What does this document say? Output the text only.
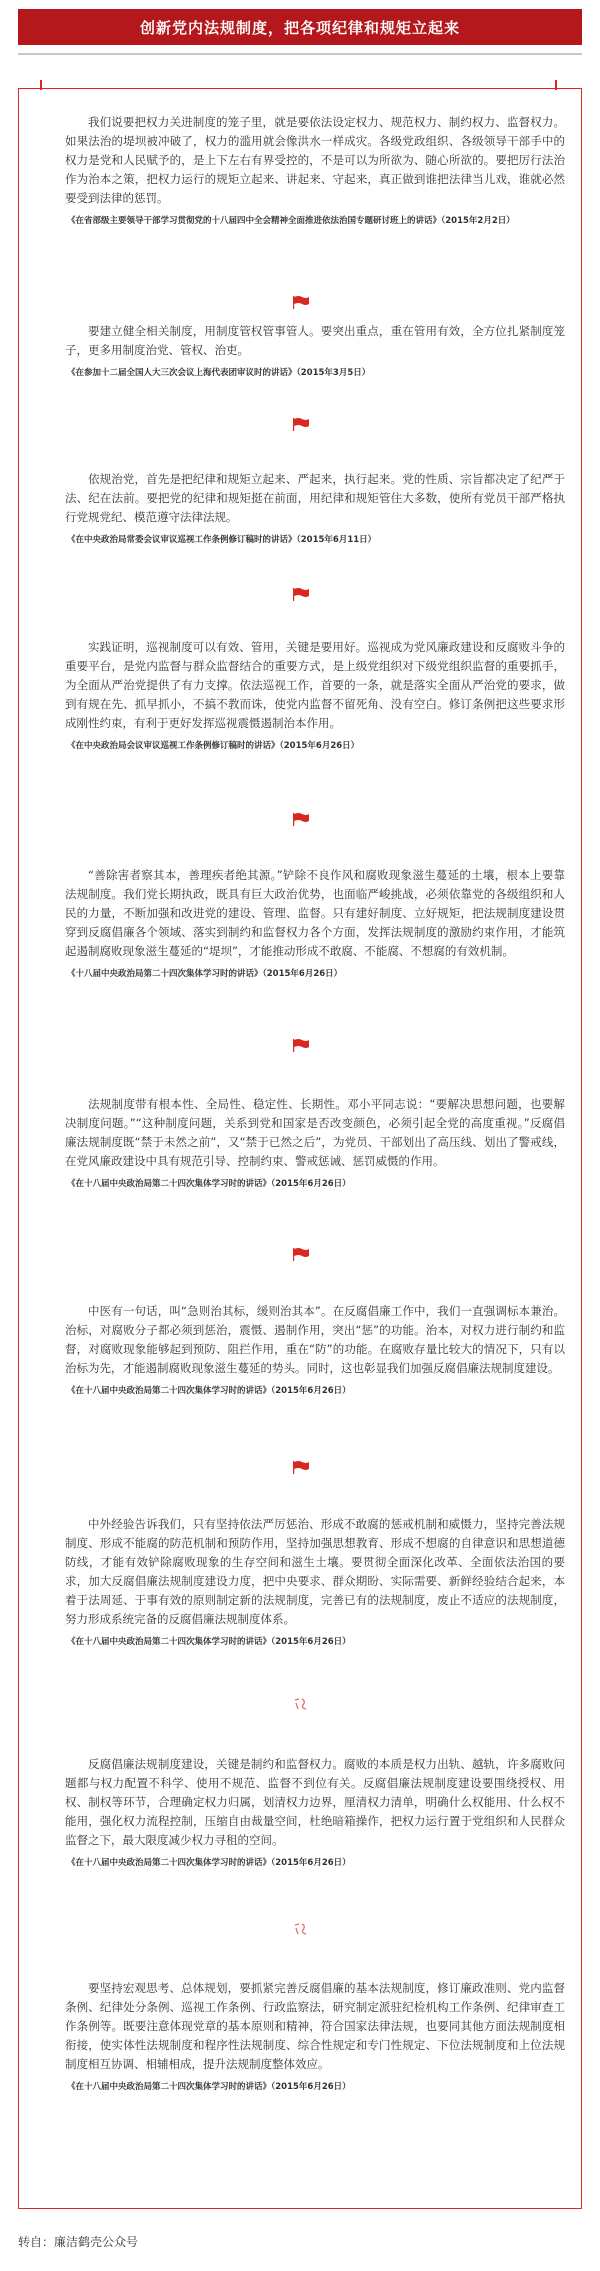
创新党内法规制度，把各项纪律和规矩立起来

我们说要把权力关进制度的笼子里，就是要依法设定权力、规范权力、制约权力、监督权力。如果法治的堤坝被冲破了，权力的滥用就会像洪水一样成灾。各级党政组织、各级领导干部手中的权力是党和人民赋予的，是上下左右有界受控的，不是可以为所欲为、随心所欲的。要把厉行法治作为治本之策，把权力运行的规矩立起来、讲起来、守起来，真正做到谁把法律当儿戏，谁就必然要受到法律的惩罚。

《在省部级主要领导干部学习贯彻党的十八届四中全会精神全面推进依法治国专题研讨班上的讲话》（2015年2月2日）

要建立健全相关制度，用制度管权管事管人。要突出重点，重在管用有效，全方位扎紧制度笼子，更多用制度治党、管权、治吏。

《在参加十二届全国人大三次会议上海代表团审议时的讲话》（2015年3月5日）

依规治党，首先是把纪律和规矩立起来、严起来，执行起来。党的性质、宗旨都决定了纪严于法、纪在法前。要把党的纪律和规矩挺在前面，用纪律和规矩管住大多数，使所有党员干部严格执行党规党纪、模范遵守法律法规。

《在中央政治局常委会议审议巡视工作条例修订稿时的讲话》（2015年6月11日）

实践证明，巡视制度可以有效、管用，关键是要用好。巡视成为党风廉政建设和反腐败斗争的重要平台，是党内监督与群众监督结合的重要方式，是上级党组织对下级党组织监督的重要抓手，为全面从严治党提供了有力支撑。依法巡视工作，首要的一条，就是落实全面从严治党的要求，做到有规在先、抓早抓小，不搞不教而诛，使党内监督不留死角、没有空白。修订条例把这些要求形成刚性约束，有利于更好发挥巡视震慑遏制治本作用。

《在中央政治局会议审议巡视工作条例修订稿时的讲话》（2015年6月26日）

“善除害者察其本，善理疾者绝其源。”铲除不良作风和腐败现象滋生蔓延的土壤，根本上要靠法规制度。我们党长期执政，既具有巨大政治优势，也面临严峻挑战，必须依靠党的各级组织和人民的力量，不断加强和改进党的建设、管理、监督。只有建好制度、立好规矩，把法规制度建设贯穿到反腐倡廉各个领域、落实到制约和监督权力各个方面，发挥法规制度的激励约束作用，才能筑起遏制腐败现象滋生蔓延的“堤坝”，才能推动形成不敢腐、不能腐、不想腐的有效机制。

《十八届中央政治局第二十四次集体学习时的讲话》（2015年6月26日）

法规制度带有根本性、全局性、稳定性、长期性。邓小平同志说：“要解决思想问题，也要解决制度问题。”“这种制度问题，关系到党和国家是否改变颜色，必须引起全党的高度重视。”反腐倡廉法规制度既“禁于未然之前”，又“禁于已然之后”，为党员、干部划出了高压线、划出了警戒线，在党风廉政建设中具有规范引导、控制约束、警戒惩诫、惩罚威慑的作用。

《在十八届中央政治局第二十四次集体学习时的讲话》（2015年6月26日）

中医有一句话，叫“急则治其标，缓则治其本”。在反腐倡廉工作中，我们一直强调标本兼治。治标，对腐败分子都必须到惩治，震慑、遏制作用，突出“惩”的功能。治本，对权力进行制约和监督，对腐败现象能够起到预防、阻拦作用，重在“防”的功能。在腐败存量比较大的情况下，只有以治标为先，才能遏制腐败现象滋生蔓延的势头。同时，这也彰显我们加强反腐倡廉法规制度建设。

《在十八届中央政治局第二十四次集体学习时的讲话》（2015年6月26日）

中外经验告诉我们，只有坚持依法严厉惩治、形成不敢腐的惩戒机制和威慑力，坚持完善法规制度、形成不能腐的防范机制和预防作用，坚持加强思想教育、形成不想腐的自律意识和思想道德防线，才能有效铲除腐败现象的生存空间和滋生土壤。要贯彻全面深化改革、全面依法治国的要求，加大反腐倡廉法规制度建设力度，把中央要求、群众期盼、实际需要、新鲜经验结合起来，本着于法周延、于事有效的原则制定新的法规制度，完善已有的法规制度，废止不适应的法规制度，努力形成系统完备的反腐倡廉法规制度体系。

《在十八届中央政治局第二十四次集体学习时的讲话》（2015年6月26日）

反腐倡廉法规制度建设，关键是制约和监督权力。腐败的本质是权力出轨、越轨，许多腐败问题都与权力配置不科学、使用不规范、监督不到位有关。反腐倡廉法规制度建设要围绕授权、用权、制权等环节，合理确定权力归属，划清权力边界，厘清权力清单，明确什么权能用、什么权不能用，强化权力流程控制，压缩自由裁量空间，杜绝暗箱操作，把权力运行置于党组织和人民群众监督之下，最大限度减少权力寻租的空间。

《在十八届中央政治局第二十四次集体学习时的讲话》（2015年6月26日）

要坚持宏观思考、总体规划，要抓紧完善反腐倡廉的基本法规制度，修订廉政准则、党内监督条例、纪律处分条例、巡视工作条例、行政监察法，研究制定派驻纪检机构工作条例、纪律审查工作条例等。既要注意体现党章的基本原则和精神，符合国家法律法规，也要同其他方面法规制度相衔接，使实体性法规制度和程序性法规制度、综合性规定和专门性规定、下位法规制度和上位法规制度相互协调、相辅相成，提升法规制度整体效应。

《在十八届中央政治局第二十四次集体学习时的讲话》（2015年6月26日）

转自：廉洁鹤壳公众号
